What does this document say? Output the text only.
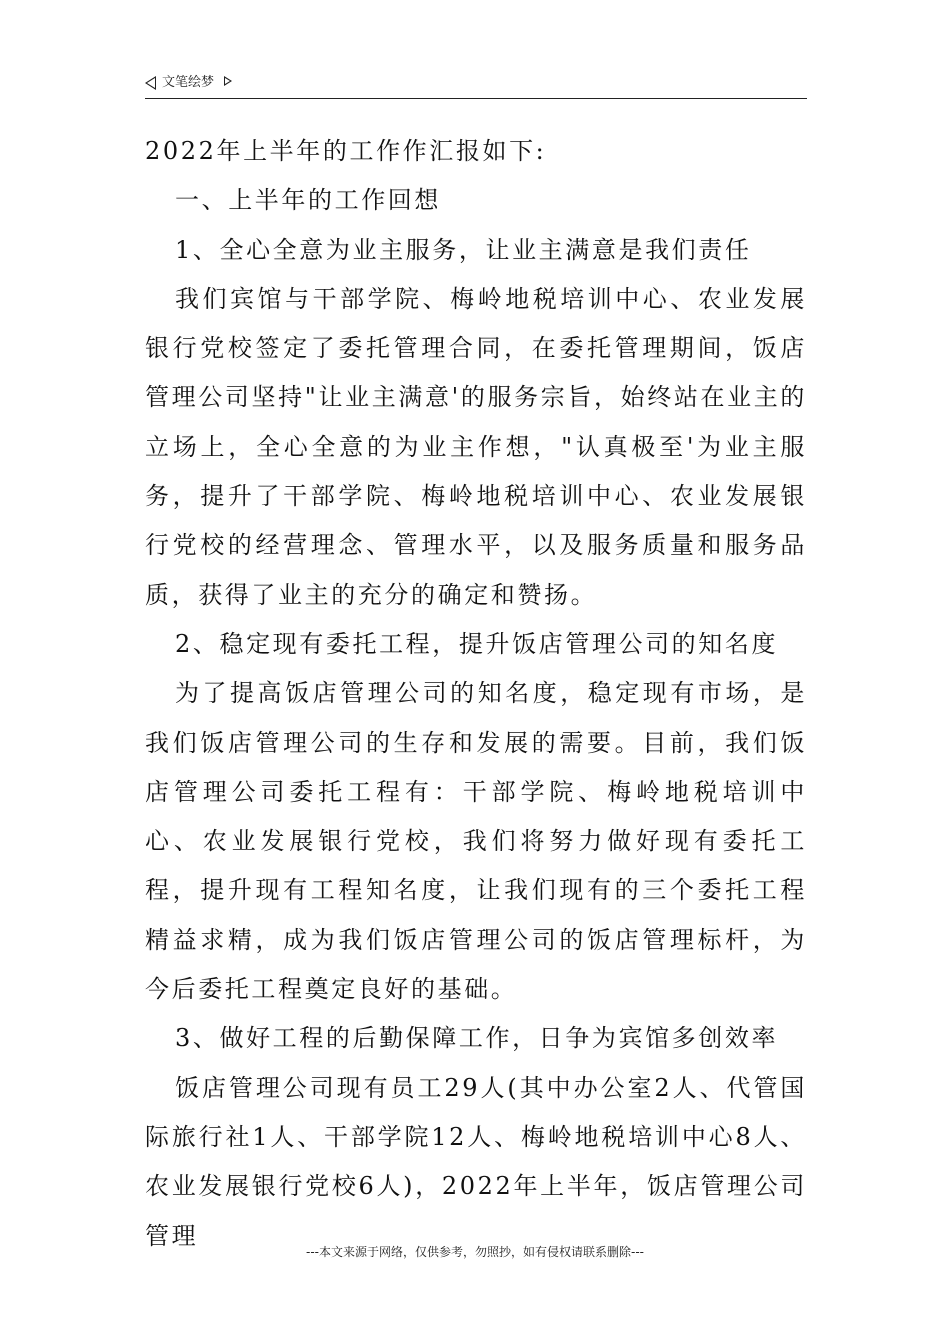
文笔绘梦

2022年上半年的工作作汇报如下:

一、上半年的工作回想

1、全心全意为业主服务，让业主满意是我们责任

我们宾馆与干部学院、梅岭地税培训中心、农业发展银行党校签定了委托管理合同，在委托管理期间，饭店管理公司坚持"让业主满意'的服务宗旨，始终站在业主的立场上，全心全意的为业主作想，"认真极至'为业主服务，提升了干部学院、梅岭地税培训中心、农业发展银行党校的经营理念、管理水平，以及服务质量和服务品质，获得了业主的充分的确定和赞扬。

2、稳定现有委托工程，提升饭店管理公司的知名度

为了提高饭店管理公司的知名度，稳定现有市场，是我们饭店管理公司的生存和发展的需要。目前，我们饭店管理公司委托工程有：干部学院、梅岭地税培训中心、农业发展银行党校，我们将努力做好现有委托工程，提升现有工程知名度，让我们现有的三个委托工程精益求精，成为我们饭店管理公司的饭店管理标杆，为今后委托工程奠定良好的基础。

3、做好工程的后勤保障工作，日争为宾馆多创效率

饭店管理公司现有员工29人(其中办公室2人、代管国际旅行社1人、干部学院12人、梅岭地税培训中心8人、农业发展银行党校6人)，2022年上半年，饭店管理公司管理

---本文来源于网络，仅供参考，勿照抄，如有侵权请联系删除---
